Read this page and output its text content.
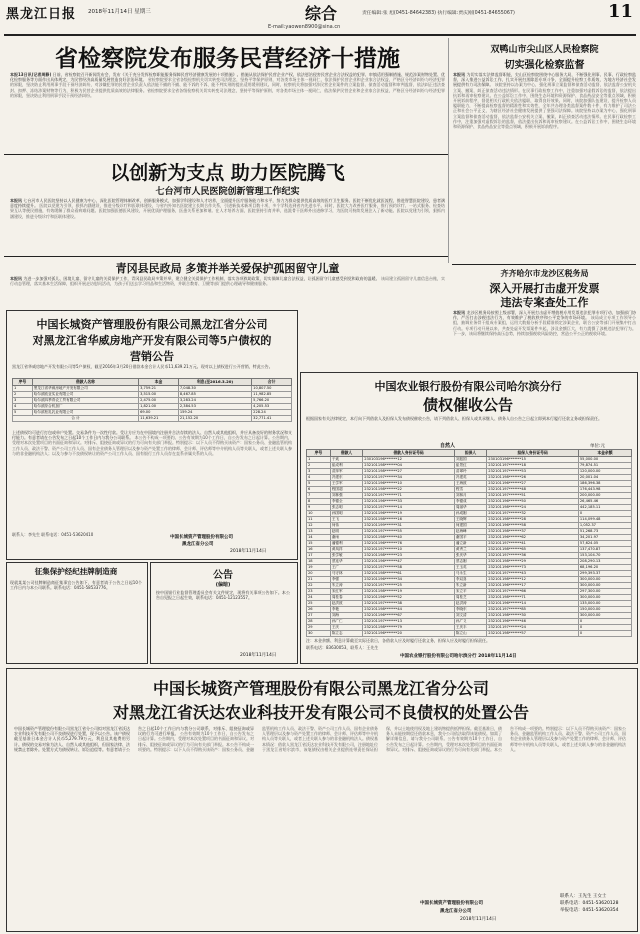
黑龙江日报 2018年11月14日 星期三	综合
E-mail:yaowen8900@sina.cn
责任编辑:张 旭(0451-84642383) 执行编辑:贾庆刚(0451-84655067)	11
省检察院发布服务民营经济十措施
本报13日讯(记者周静) 日前，省检察院召开新闻发布会，发布《关于充分发挥检察职能服务保障民营经济健康发展的十项措施》。措施从依法保护民营企业产权、依法惩治侵害民营企业合法权益的犯罪、审慎适用强制措施、规范涉案财物处置、优化检察服务等方面作出具体规定，为民营经济高质量发展营造良好法治环境。 省检察院要求全省各级检察机关切实转变司法理念，坚持平等保护原则，对各类市场主体一视同仁，依法保护民营企业和企业家合法权益，严格区分经济纠纷与经济犯罪的界限，坚决防止利用刑事手段干预经济纠纷，对涉嫌犯罪的民营企业负责人依法能不捕的不捕、能不诉的不诉、能不判实刑的提出适用缓刑建议。同时，检察机关将加强对涉民营企业案件的立案监督、侦查活动监督和审判监督，依法纠正违法查封、扣押、冻结涉案财物等行为，积极为民营企业提供优质高效的法律服务。省检察院要求全省各级检察机关切实转变司法理念，坚持平等保护原则，对各类市场主体一视同仁，依法保护民营企业和企业家合法权益，严格区分经济纠纷与经济犯罪的界限，坚决防止利用刑事手段干预经济纠纷。
双鸭山市尖山区人民检察院
切实强化检察监督
本报讯 为切实落实法律监督职能，尖山区检察院围绕中心服务大局，不断强化刑事、民事、行政检察监督，深入推进公益诉讼工作，扎实开展扫黑除恶专项斗争，全面提升检察工作质效，为地方经济社会发展提供有力司法保障。 该院坚持以办案为中心，强化刑事立案监督和侦查活动监督，依法监督公安机关立案、撤案，纠正侦查活动违法情形。在民事行政检察工作中，注重加强对虚假诉讼的监督，依法提出抗诉和再审检察建议。在公益诉讼工作中，围绕生态环境和资源保护、食品药品安全等重点领域，积极开展诉前程序，督促相关行政机关依法履职，取得良好效果。同时，该院加强队伍建设，提升检察人员履职能力，不断提高检察监督的精准性和实效性，全年共办理各类监督案件数十件，有力维护了司法公正和社会公平正义，为辖区经济社会健康发展提供了坚强司法保障。该院坚持以办案为中心，强化刑事立案监督和侦查活动监督，依法监督公安机关立案、撤案，纠正侦查活动违法情形。在民事行政检察工作中，注重加强对虚假诉讼的监督，依法提出抗诉和再审检察建议。在公益诉讼工作中，围绕生态环境和资源保护、食品药品安全等重点领域，积极开展诉前程序。
以创新为支点 助力医院腾飞
七台河市人民医院创新管理工作纪实
本报讯 七台河市人民医院坚持以人民健康为中心，深化医院管理体制改革，创新服务模式，加强学科建设和人才培养，全面提升医疗服务能力和水平，努力为群众提供优质高效的医疗卫生服务。医院不断优化就医流程，推进智慧医院建设，患者满意度持续提升。 医院以党建为引领，狠抓内涵建设，推进分级诊疗和医联体建设，与省内外知名医院建立长期合作关系，引进新技术新项目数十项，多个学科达到省内先进水平。同时，医院大力改善医疗服务，推行预约诊疗、一站式服务、检查结果互认等便民措施，有效缓解了群众看病难问题。医院加强医德医风建设，开展优质护理服务，医患关系更加和谐。在人才培养方面，医院坚持引育并举，选派骨干医师外出进修学习，为医院可持续发展注入了新动能。医院以党建为引领，狠抓内涵建设，推进分级诊疗和医联体建设。
齐齐哈尔市龙沙区税务局
深入开展打击虚开发票
违法专案查处工作
本报讯 龙沙区税务局按照上级部署，深入开展打击虚开增值税专用发票违法犯罪专项行动，加强部门协作，严厉打击涉税违法行为，有效维护了税收秩序和公平竞争的市场环境。 该局成立专项工作领导小组，抽调业务骨干组成专案组，运用大数据分析手段精准锁定涉案企业，联合公安等部门开展集中打击行动。专项行动开展以来，共查处虚开发票案件多起，涉及金额巨大，有力震慑了涉税违法犯罪行为。下一步，该局将继续保持高压态势，持续加强税收风险防控，营造公平公正的税收环境。
青冈县民政局 多策并举关爱保护孤困留守儿童
本报讯 为进一步加强对孤儿、困境儿童、留守儿童的关爱保护工作，青冈县民政局多策并举，建立健全关爱保护工作机制，落实各项救助政策，切实保障儿童合法权益，让孤困留守儿童感受到党和政府的温暖。 该局建立孤困留守儿童信息台账，实行动态管理，落实基本生活保障，组织开展走访慰问活动，为孩子们送去学习用品和生活物资，并联合教育、卫健等部门提供心理疏导和健康服务。
中国长城资产管理股份有限公司黑龙江省分公司
对黑龙江省华威房地产开发有限公司等5户债权的
营销公告
黑龙江省华威房地产开发有限公司等5户债权，截至2016年3月20日借款本金合计人民币11,639.21万元。现对以上债权进行公开营销，特此公告。
序号	借款人名称	本金	利息(至2016.3.20)	合计
1	黑龙江省华威房地产开发有限公司	3,759.21	7,048.30	10,807.50
2	哈尔滨欧亚实业有限公司	3,515.00	8,467.85	11,982.85
3	哈尔滨四季青农工贸有限公司	2,475.00	3,283.24	5,766.20
4	哈尔滨综合机加厂	1,821.00	2,384.53	4,205.53
5	哈尔滨松乳乳业有限公司	69.00	159.24	228.24
合 计		11,639.21	21,152.20	32,771.41
上述债权均可进行打包或单户处置。交易条件为一次性付款。受让方应为在中国境内注册并合法存续的法人、自然人或其他组织，并应具备良好的财务状况和支付能力。有意者请在公告发布之日起10个工作日内与我分公司联系。 本公告不构成一项要约。公告有效期为10个工作日，自公告发布之日起计算。公告期内，受理对本次处置项目的书面征询和异议。对排斥、阻挠征询或异议的行为可向有关部门举报。特别提示：以下人员不得购买该资产：国家公务员、金融监管机构工作人员、政法干警、资产公司工作人员、国有企业债务人管理层以及参与资产处置工作的律师、会计师、评估师等中介机构人员等关联人，或者上述关联人参与的非金融机构法人；以及与参与不良债权转让的资产公司工作人员、国有银行工作人员存在直系亲属关系的人员。
联系人：李先生 联系电话：0451-53620410
中国长城资产管理股份有限公司
黑龙江省分公司
2018年11月14日
征集保护经纪挂牌制造商
现就某某公司挂牌制造商征集事宜公告如下，有意者请于公告之日起10个工作日内与本公司联系。联系电话：0451-58533776。
公告
(偏暗)
按中国银行业监督管理委员会有关文件规定，现将有关事项公告如下。本公告自见报之日起生效，联系电话：0451-12123557。
2018年11月14日
中国农业银行股份有限公司哈尔滨分行
债权催收公告
根据国家有关法律规定，本行向下列借款人及担保人发布债权催收公告，请下列借款人、担保人或其承继人、债务人自公告之日起立即到本行履行还款义务或担保责任。
自然人	单位:元
序号	借款人	借款人身份证号码	担保人	担保人身份证号码	本金余额
1	于欢	230103196*******12	刘振国	230103196*******15	55,000.00
2	崔成利	232101198*******04	崔景红	232101197*******18	79,874.51
3	苗萍军	232101198*******27	苗翠玲	232101197*******53	120,000.00
4	冯建东	232101197*******34	冯建英	232101198*******26	20,001.04
5	王学军	232101196*******10	王海波	232101196*******27	186,396.38
6	程国超	232101198*******22	程雪	232101197*******48	176,443.98
7	刘林强	232101197*******71	刘林月	232101197*******51	200,000.00
8	李德全	232101196*******33	李德成	232101196*******50	26,465.46
9	张志明	232101197*******14	周丽华	232101198*******24	442,185.11
10	孙国明	232101196*******19	孙成刚	232101197*******32	0
11	王飞	232101198*******16	王晓辉	232101198*******28	114,099.48
12	何伟	232101199*******31	何建国	232101196*******58	1,052.37
13	赵明	232101197*******55	赵海峰	232101198*******37	51,268.73
14	谢雨	232101198*******40	谢国平	232101196*******62	34,201.97
15	潘德利	232101196*******76	潘立新	232101197*******41	57,624.05
16	黄凤祥	232101197*******10	黄秀兰	232101198*******65	137,470.87
17	张学敏	232101198*******23	张庆华	232101197*******36	153,104.70
18	蔡连华	232101196*******47	蔡志刚	232101198*******29	208,290.13
19	王广	232101197*******58	王玉英	232101196*******73	68,196.20
20	马守林	232101198*******61	马永生	232101197*******43	299,393.37
21	李强	232101196*******34	李双喜	232101198*******12	300,000.00
22	朱立涛	232101197*******25	朱立新	232101196*******17	300,000.00
23	宋红军	232101198*******19	宋立平	232101197*******66	297,300.00
24	周桂春	232101196*******52	周桂芝	232101198*******71	300,000.00
25	赵洪波	232101197*******38	赵洪涛	232101196*******14	135,000.00
26	李艳	232101198*******44	李晓东	232101197*******85	150,000.00
27	刘海	232101196*******67	刘文清	232101198*******30	300,000.00
28	孙广仁	232101197*******13	孙广义	232101196*******46	0
29	王庆	232101198*******79	王庆丰	232101197*******24	0
30	陈立志	232101196*******20	陈立山	232101198*******57	0

注：本金余额、利息计算截至实际还款日，各借款人应及时履行还款义务，担保人应及时履行担保责任。
联系电话：83630053，联系人：王先生
中国农业银行股份有限公司哈尔滨分行 2018年11月14日
中国长城资产管理股份有限公司黑龙江省分公司
对黑龙江省沃达农业科技开发有限公司不良债权的处置公告
中国长城资产管理股份有限公司黑龙江省分公司拟对黑龙江省沃达农业科技开发有限公司不良债权进行处置，现予以公告。该户债权截至基准日本金合计人民币5,279.79万元，利息及其他费用另计。债权的交易对象为法人、自然人或其他组织，但国家法律、法规禁止者除外。处置方式为债权转让、诉讼追偿等。有意者请于公告之日起10个工作日内与我分公司联系，对排斥、阻挠征询或异议的行为可进行举报。 公告有效期为10个工作日，自公告发布之日起计算。公告期内，受理对本次处置项目的书面征询和异议。对排斥、阻挠征询或异议的行为可向有关部门举报。本公告不构成一项要约。特别提示：以下人员不得购买该资产：国家公务员、金融监管机构工作人员、政法干警、资产公司工作人员、国有企业债务人管理层以及参与资产处置工作的律师、会计师、评估师等中介机构人员等关联人，或者上述关联人参与的非金融机构法人。债权基本情况：借款人黑龙江省沃达农业科技开发有限公司，注册地址位于黑龙江省哈尔滨市，该笔债权由相关企业提供连带责任保证担保，并以土地使用权及地上建筑物提供抵押担保。截至基准日，债务人未能按期偿还借款本息，我分公司依法取得该笔债权。如需了解详细信息，请与我分公司联系。公告有效期为10个工作日，自公告发布之日起计算。公告期内，受理对本次处置项目的书面征询和异议。对排斥、阻挠征询或异议的行为可向有关部门举报。本公告不构成一项要约。特别提示：以下人员不得购买该资产：国家公务员、金融监管机构工作人员、政法干警、资产公司工作人员、国有企业债务人管理层以及参与资产处置工作的律师、会计师、评估师等中介机构人员等关联人，或者上述关联人参与的非金融机构法人。
联系人：王先生 王女士
联系电话：0451-53620128
举报电话：0451-53620354
中国长城资产管理股份有限公司
黑龙江省分公司
2018年11月14日
